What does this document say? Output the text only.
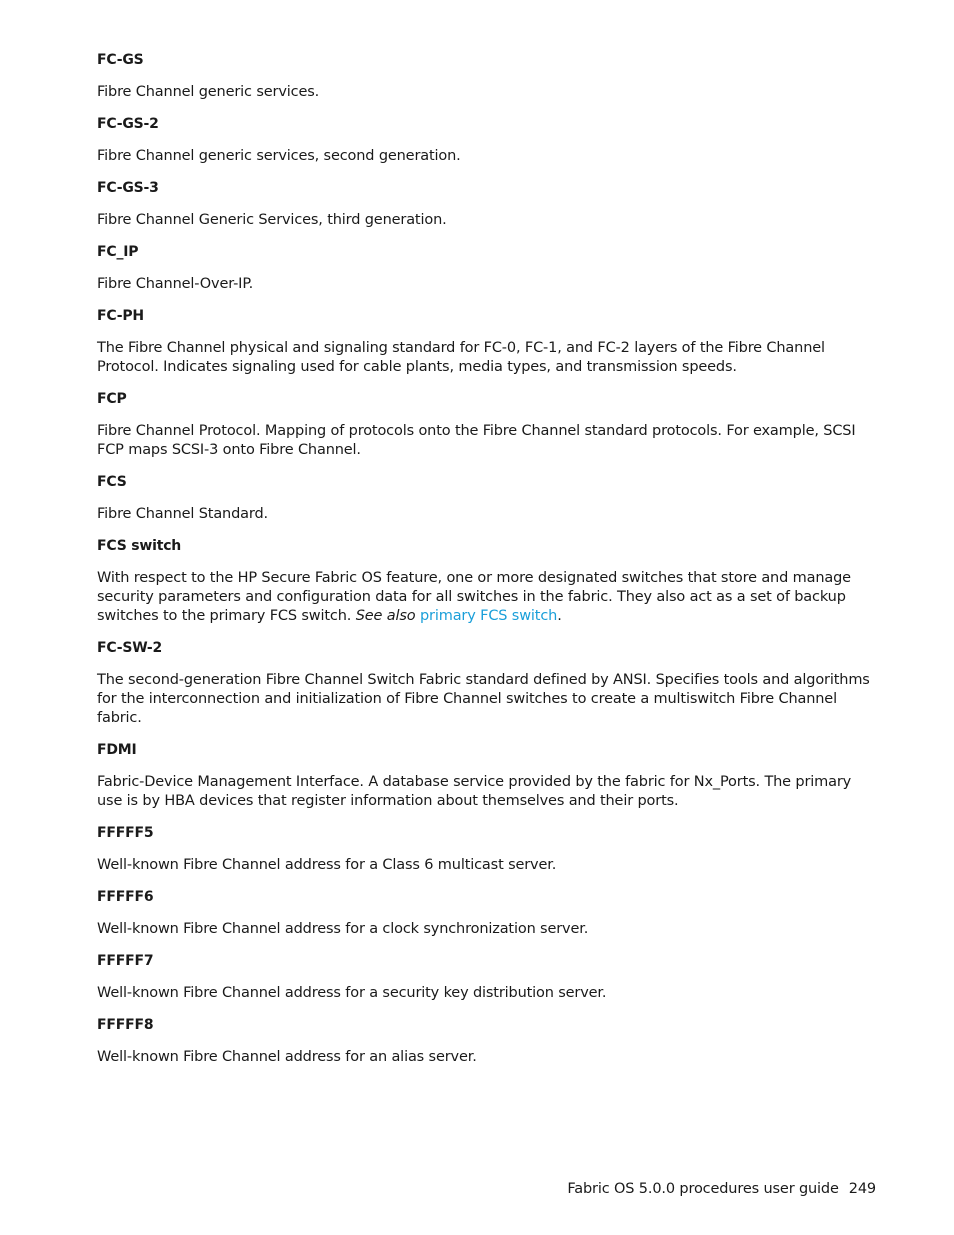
FC-GS

Fibre Channel generic services.

FC-GS-2

Fibre Channel generic services, second generation.

FC-GS-3

Fibre Channel Generic Services, third generation.

FC_IP

Fibre Channel-Over-IP.

FC-PH

The Fibre Channel physical and signaling standard for FC-0, FC-1, and FC-2 layers of the Fibre Channel Protocol. Indicates signaling used for cable plants, media types, and transmission speeds.

FCP

Fibre Channel Protocol. Mapping of protocols onto the Fibre Channel standard protocols. For example, SCSI FCP maps SCSI-3 onto Fibre Channel.

FCS

Fibre Channel Standard.

FCS switch

With respect to the HP Secure Fabric OS feature, one or more designated switches that store and manage security parameters and configuration data for all switches in the fabric. They also act as a set of backup switches to the primary FCS switch. See also primary FCS switch.

FC-SW-2

The second-generation Fibre Channel Switch Fabric standard defined by ANSI. Specifies tools and algorithms for the interconnection and initialization of Fibre Channel switches to create a multiswitch Fibre Channel fabric.

FDMI

Fabric-Device Management Interface. A database service provided by the fabric for Nx_Ports. The primary use is by HBA devices that register information about themselves and their ports.

FFFFF5

Well-known Fibre Channel address for a Class 6 multicast server.

FFFFF6

Well-known Fibre Channel address for a clock synchronization server.

FFFFF7

Well-known Fibre Channel address for a security key distribution server.

FFFFF8

Well-known Fibre Channel address for an alias server.

Fabric OS 5.0.0 procedures user guide 249
